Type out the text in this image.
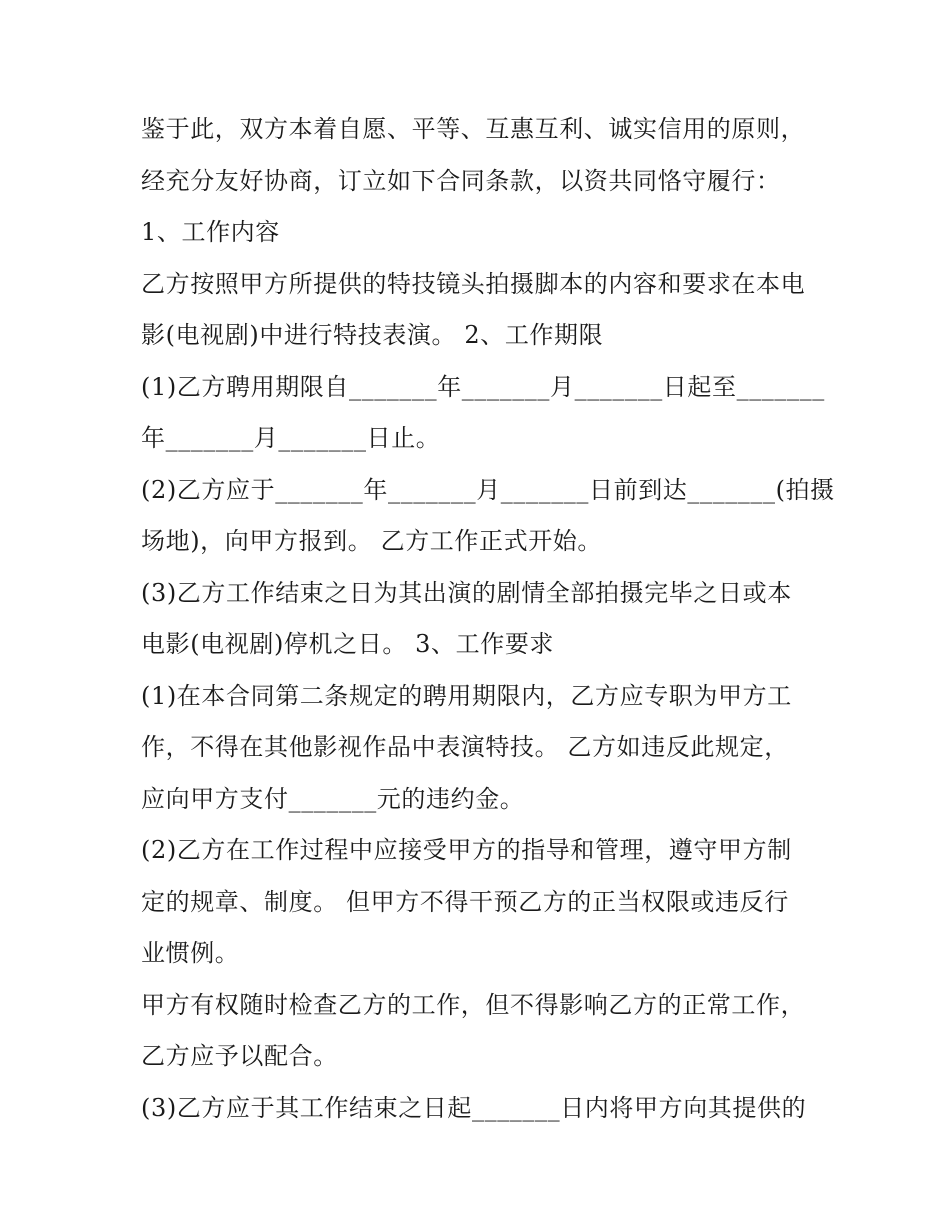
鉴于此，双方本着自愿、平等、互惠互利、诚实信用的原则，
经充分友好协商，订立如下合同条款，以资共同恪守履行：
1、工作内容
乙方按照甲方所提供的特技镜头拍摄脚本的内容和要求在本电
影(电视剧)中进行特技表演。 2、工作期限
(1)乙方聘用期限自_______年_______月_______日起至_______
年_______月_______日止。
(2)乙方应于_______年_______月_______日前到达_______(拍摄
场地)，向甲方报到。 乙方工作正式开始。
(3)乙方工作结束之日为其出演的剧情全部拍摄完毕之日或本
电影(电视剧)停机之日。 3、工作要求
(1)在本合同第二条规定的聘用期限内，乙方应专职为甲方工
作，不得在其他影视作品中表演特技。 乙方如违反此规定，
应向甲方支付_______元的违约金。
(2)乙方在工作过程中应接受甲方的指导和管理，遵守甲方制
定的规章、制度。 但甲方不得干预乙方的正当权限或违反行
业惯例。
甲方有权随时检查乙方的工作，但不得影响乙方的正常工作，
乙方应予以配合。
(3)乙方应于其工作结束之日起_______日内将甲方向其提供的
